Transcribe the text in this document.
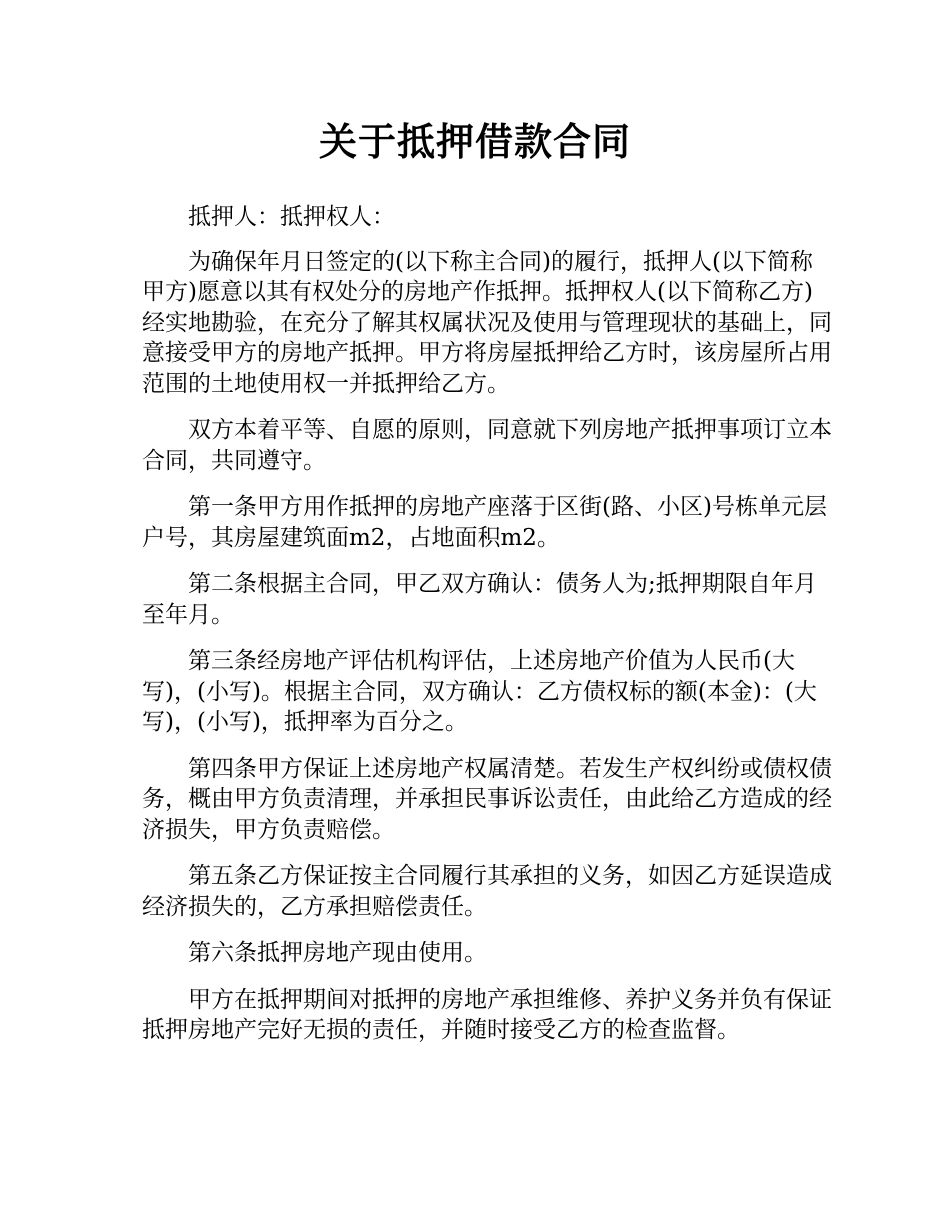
关于抵押借款合同

抵押人：抵押权人：

为确保年月日签定的(以下称主合同)的履行，抵押人(以下简称甲方)愿意以其有权处分的房地产作抵押。抵押权人(以下简称乙方)经实地勘验，在充分了解其权属状况及使用与管理现状的基础上，同意接受甲方的房地产抵押。甲方将房屋抵押给乙方时，该房屋所占用范围的土地使用权一并抵押给乙方。

双方本着平等、自愿的原则，同意就下列房地产抵押事项订立本合同，共同遵守。

第一条甲方用作抵押的房地产座落于区街(路、小区)号栋单元层户号，其房屋建筑面m2，占地面积m2。

第二条根据主合同，甲乙双方确认：债务人为;抵押期限自年月至年月。

第三条经房地产评估机构评估，上述房地产价值为人民币(大写)，(小写)。根据主合同，双方确认：乙方债权标的额(本金)：(大写)，(小写)，抵押率为百分之。

第四条甲方保证上述房地产权属清楚。若发生产权纠纷或债权债务，概由甲方负责清理，并承担民事诉讼责任，由此给乙方造成的经济损失，甲方负责赔偿。

第五条乙方保证按主合同履行其承担的义务，如因乙方延误造成经济损失的，乙方承担赔偿责任。

第六条抵押房地产现由使用。

甲方在抵押期间对抵押的房地产承担维修、养护义务并负有保证抵押房地产完好无损的责任，并随时接受乙方的检查监督。
